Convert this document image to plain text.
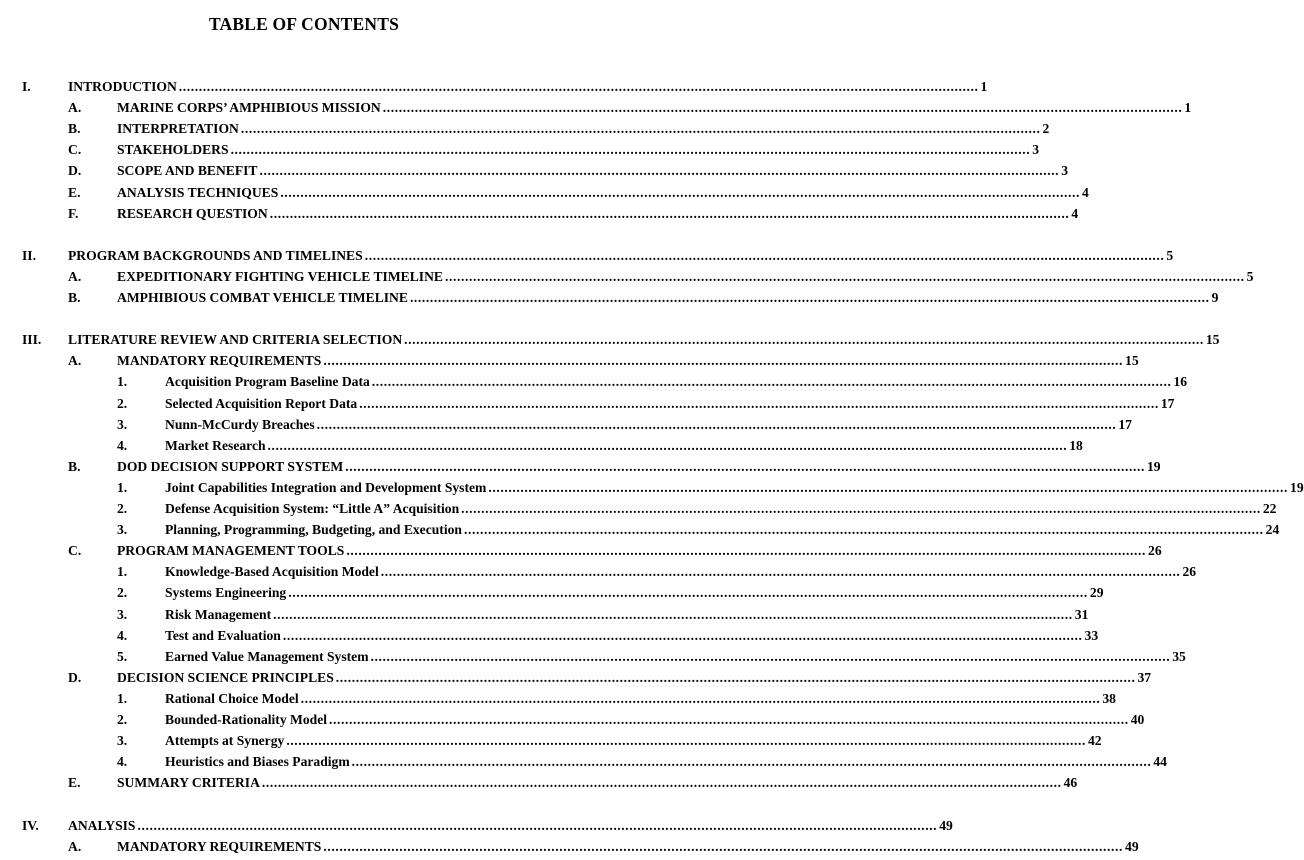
TABLE OF CONTENTS
I.	INTRODUCTION ........................................................................................................................................................................................................ 1
A.	MARINE CORPS’ AMPHIBIOUS MISSION ........................................................................................................................................................................................................ 1
B.	INTERPRETATION ........................................................................................................................................................................................................ 2
C.	STAKEHOLDERS ........................................................................................................................................................................................................ 3
D.	SCOPE AND BENEFIT ........................................................................................................................................................................................................ 3
E.	ANALYSIS TECHNIQUES ........................................................................................................................................................................................................ 4
F.	RESEARCH QUESTION ........................................................................................................................................................................................................ 4
II. PROGRAM BACKGROUNDS AND TIMELINES ........................................................................................................................................................................................................ 5
A.	EXPEDITIONARY FIGHTING VEHICLE TIMELINE ........................................................................................................................................................................................................ 5
B.	AMPHIBIOUS COMBAT VEHICLE TIMELINE ........................................................................................................................................................................................................ 9
III. LITERATURE REVIEW AND CRITERIA SELECTION ........................................................................................................................................................................................................ 15
A.	MANDATORY REQUIREMENTS ........................................................................................................................................................................................................ 15
1.	Acquisition Program Baseline Data ........................................................................................................................................................................................................ 16
2.	Selected Acquisition Report Data ........................................................................................................................................................................................................ 17
3.	Nunn-McCurdy Breaches ........................................................................................................................................................................................................ 17
4.	Market Research ........................................................................................................................................................................................................ 18
B.	DOD DECISION SUPPORT SYSTEM ........................................................................................................................................................................................................ 19
1.	Joint Capabilities Integration and Development System ........................................................................................................................................................................................................ 19
2.	Defense Acquisition System: “Little A” Acquisition ........................................................................................................................................................................................................ 22
3.	Planning, Programming, Budgeting, and Execution ........................................................................................................................................................................................................ 24
C.	PROGRAM MANAGEMENT TOOLS ........................................................................................................................................................................................................ 26
1.	Knowledge-Based Acquisition Model ........................................................................................................................................................................................................ 26
2.	Systems Engineering ........................................................................................................................................................................................................ 29
3.	Risk Management ........................................................................................................................................................................................................ 31
4.	Test and Evaluation ........................................................................................................................................................................................................ 33
5.	Earned Value Management System ........................................................................................................................................................................................................ 35
D.	DECISION SCIENCE PRINCIPLES ........................................................................................................................................................................................................ 37
1.	Rational Choice Model ........................................................................................................................................................................................................ 38
2.	Bounded-Rationality Model ........................................................................................................................................................................................................ 40
3.	Attempts at Synergy ........................................................................................................................................................................................................ 42
4.	Heuristics and Biases Paradigm ........................................................................................................................................................................................................ 44
E.	SUMMARY CRITERIA ........................................................................................................................................................................................................ 46
IV. ANALYSIS ........................................................................................................................................................................................................ 49
A.	MANDATORY REQUIREMENTS ........................................................................................................................................................................................................ 49
